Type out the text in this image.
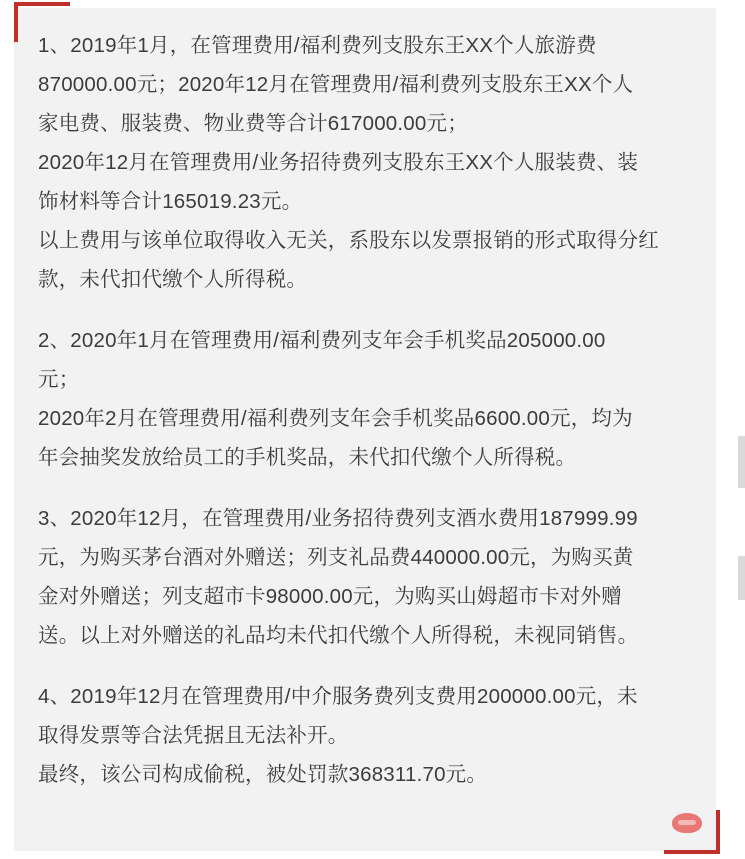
1、2019年1月，在管理费用/福利费列支股东王XX个人旅游费
870000.00元；2020年12月在管理费用/福利费列支股东王XX个人
家电费、服装费、物业费等合计617000.00元；
2020年12月在管理费用/业务招待费列支股东王XX个人服装费、装
饰材料等合计165019.23元。
以上费用与该单位取得收入无关，系股东以发票报销的形式取得分红
款，未代扣代缴个人所得税。

2、2020年1月在管理费用/福利费列支年会手机奖品205000.00
元；
2020年2月在管理费用/福利费列支年会手机奖品6600.00元，均为
年会抽奖发放给员工的手机奖品，未代扣代缴个人所得税。

3、2020年12月，在管理费用/业务招待费列支酒水费用187999.99
元，为购买茅台酒对外赠送；列支礼品费440000.00元，为购买黄
金对外赠送；列支超市卡98000.00元，为购买山姆超市卡对外赠
送。以上对外赠送的礼品均未代扣代缴个人所得税，未视同销售。

4、2019年12月在管理费用/中介服务费列支费用200000.00元，未
取得发票等合法凭据且无法补开。
最终，该公司构成偷税，被处罚款368311.70元。
